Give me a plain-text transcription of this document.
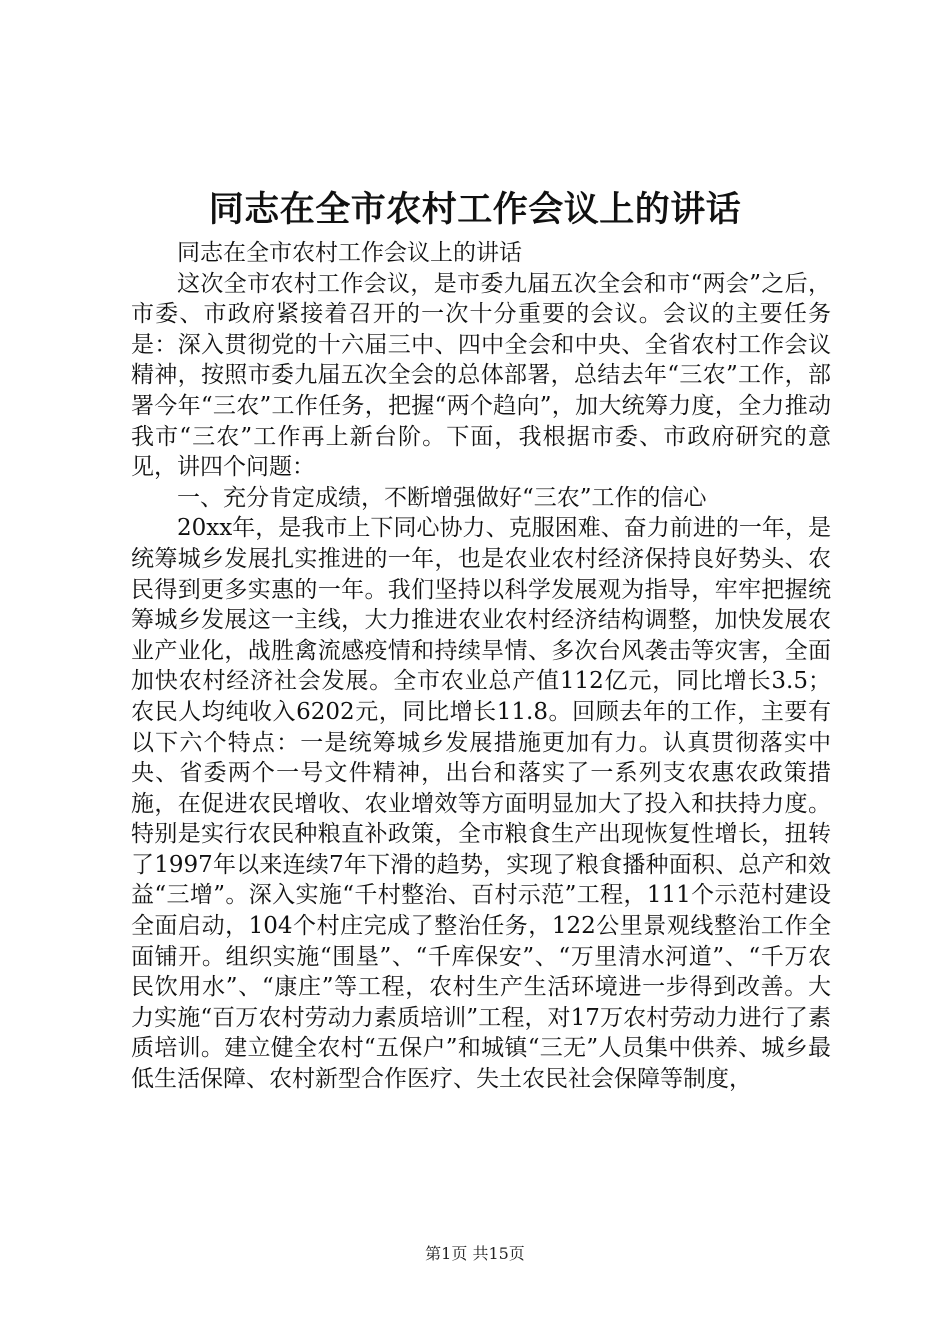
同志在全市农村工作会议上的讲话

同志在全市农村工作会议上的讲话

这次全市农村工作会议，是市委九届五次全会和市“两会”之后，市委、市政府紧接着召开的一次十分重要的会议。会议的主要任务是：深入贯彻党的十六届三中、四中全会和中央、全省农村工作会议精神，按照市委九届五次全会的总体部署，总结去年“三农”工作，部署今年“三农”工作任务，把握“两个趋向”，加大统筹力度，全力推动我市“三农”工作再上新台阶。下面，我根据市委、市政府研究的意见，讲四个问题：

一、充分肯定成绩，不断增强做好“三农”工作的信心

20xx年，是我市上下同心协力、克服困难、奋力前进的一年，是统筹城乡发展扎实推进的一年，也是农业农村经济保持良好势头、农民得到更多实惠的一年。我们坚持以科学发展观为指导，牢牢把握统筹城乡发展这一主线，大力推进农业农村经济结构调整，加快发展农业产业化，战胜禽流感疫情和持续旱情、多次台风袭击等灾害，全面加快农村经济社会发展。全市农业总产值112亿元，同比增长3.5；农民人均纯收入6202元，同比增长11.8。回顾去年的工作，主要有以下六个特点：一是统筹城乡发展措施更加有力。认真贯彻落实中央、省委两个一号文件精神，出台和落实了一系列支农惠农政策措施，在促进农民增收、农业增效等方面明显加大了投入和扶持力度。特别是实行农民种粮直补政策，全市粮食生产出现恢复性增长，扭转了1997年以来连续7年下滑的趋势，实现了粮食播种面积、总产和效益“三增”。深入实施“千村整治、百村示范”工程，111个示范村建设全面启动，104个村庄完成了整治任务，122公里景观线整治工作全面铺开。组织实施“围垦”、“千库保安”、“万里清水河道”、“千万农民饮用水”、“康庄”等工程，农村生产生活环境进一步得到改善。大力实施“百万农村劳动力素质培训”工程，对17万农村劳动力进行了素质培训。建立健全农村“五保户”和城镇“三无”人员集中供养、城乡最低生活保障、农村新型合作医疗、失土农民社会保障等制度，

第1页 共15页
